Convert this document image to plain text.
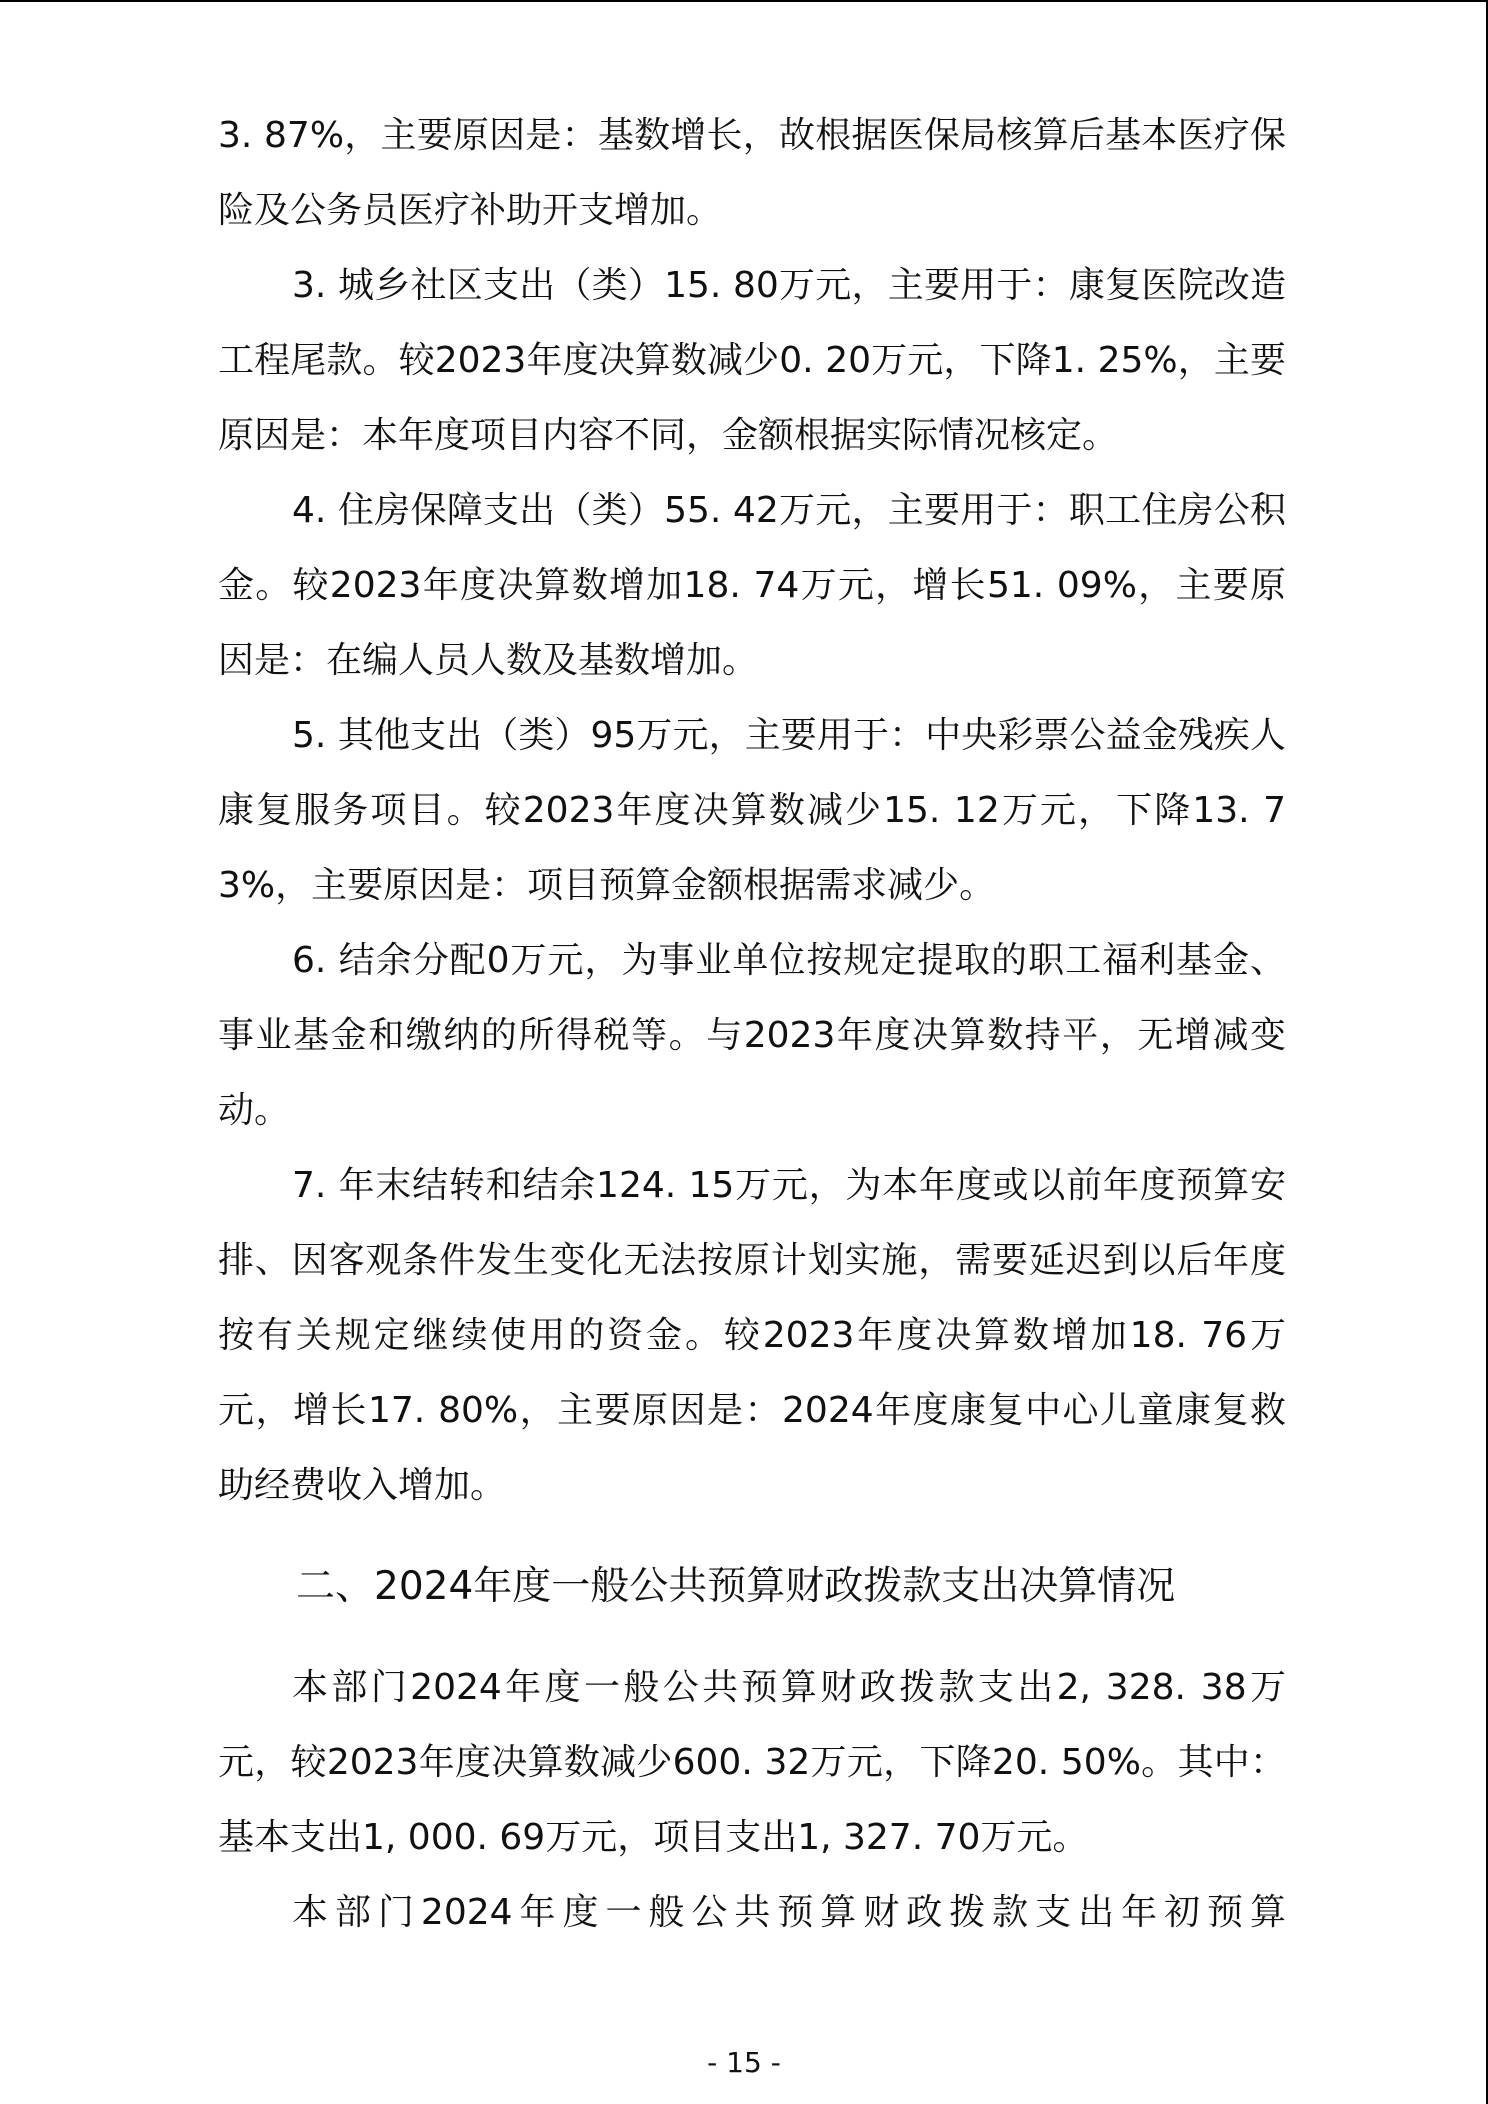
3. 87%，主要原因是：基数增长，故根据医保局核算后基本医疗保险及公务员医疗补助开支增加。

3. 城乡社区支出（类）15. 80万元，主要用于：康复医院改造工程尾款。较2023年度决算数减少0. 20万元，下降1. 25%，主要原因是：本年度项目内容不同，金额根据实际情况核定。

4. 住房保障支出（类）55. 42万元，主要用于：职工住房公积金。较2023年度决算数增加18. 74万元，增长51. 09%，主要原因是：在编人员人数及基数增加。

5. 其他支出（类）95万元，主要用于：中央彩票公益金残疾人康复服务项目。较2023年度决算数减少15. 12万元，下降13. 73%，主要原因是：项目预算金额根据需求减少。

6. 结余分配0万元，为事业单位按规定提取的职工福利基金、事业基金和缴纳的所得税等。与2023年度决算数持平，无增减变动。

7. 年末结转和结余124. 15万元，为本年度或以前年度预算安排、因客观条件发生变化无法按原计划实施，需要延迟到以后年度按有关规定继续使用的资金。较2023年度决算数增加18. 76万元，增长17. 80%，主要原因是：2024年度康复中心儿童康复救助经费收入增加。

二、2024年度一般公共预算财政拨款支出决算情况

本部门2024年度一般公共预算财政拨款支出2, 328. 38万元，较2023年度决算数减少600. 32万元，下降20. 50%。其中：基本支出1, 000. 69万元，项目支出1, 327. 70万元。

本部门2024年度一般公共预算财政拨款支出年初预算

- 15 -
